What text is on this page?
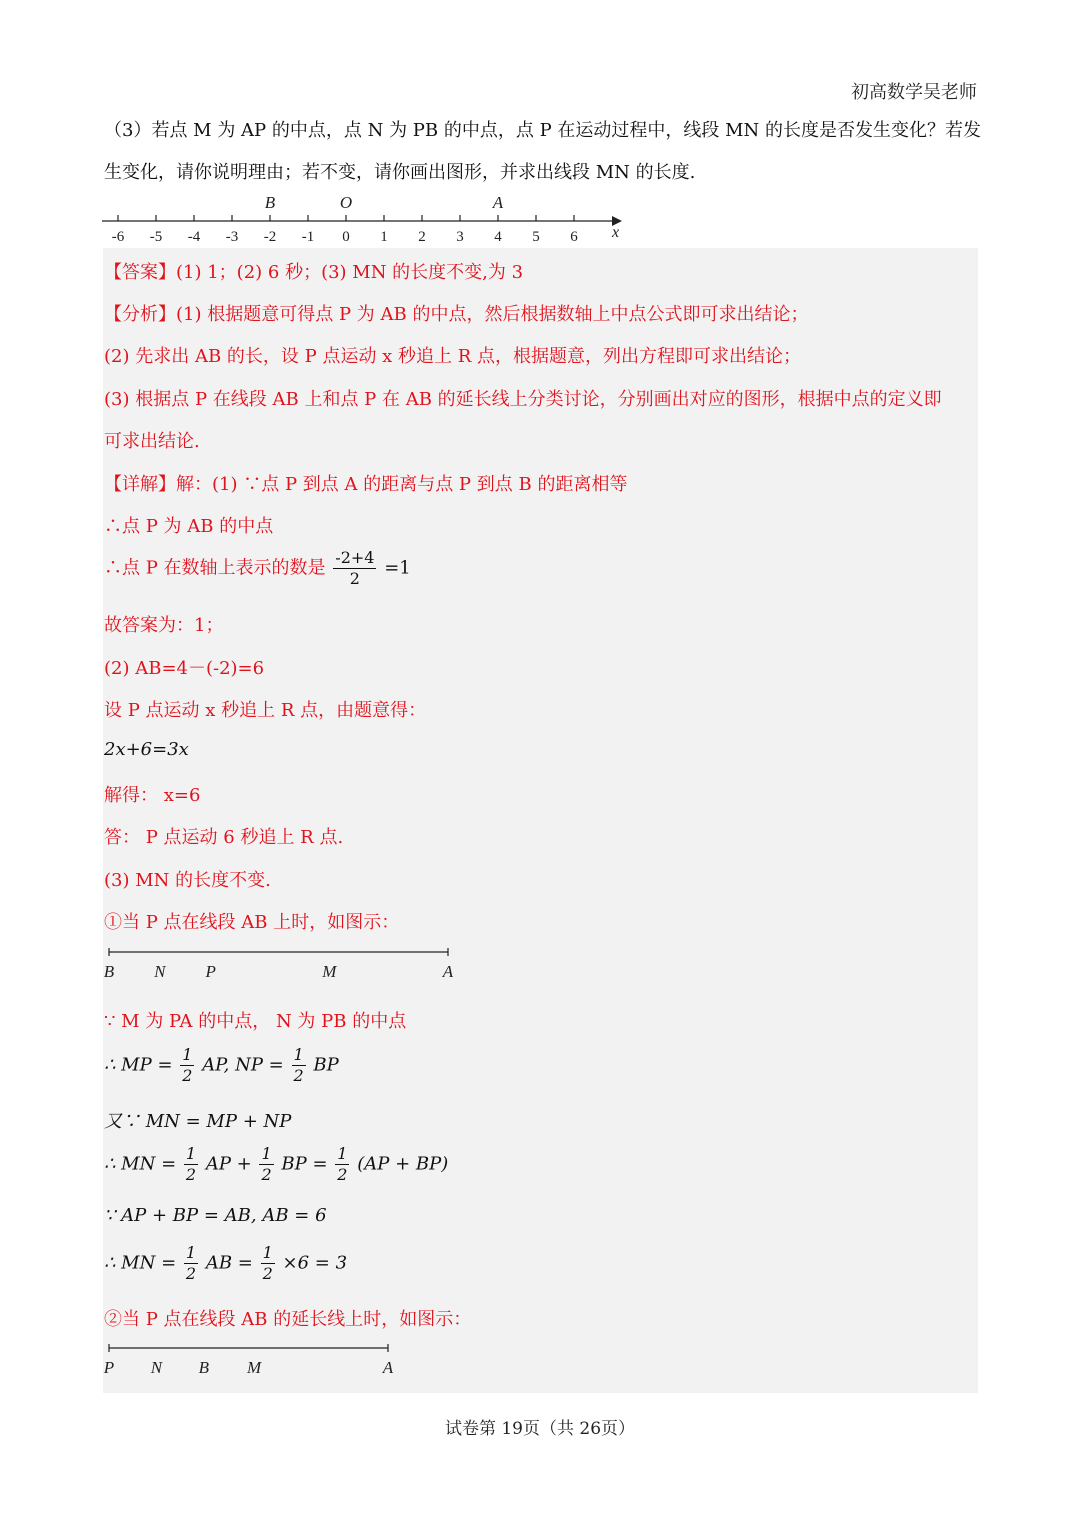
初高数学吴老师
（3）若点 M 为 AP 的中点，点 N 为 PB 的中点，点 P 在运动过程中，线段 MN 的长度是否发生变化？若发
生变化，请你说明理由；若不变，请你画出图形，并求出线段 MN 的长度.
-6 -5 -4 -3 -2 -1 0 1 2 3 4 5 6 x
B	O	A
【答案】(1) 1；(2) 6 秒；(3) MN 的长度不变,为 3
【分析】(1) 根据题意可得点 P 为 AB 的中点，然后根据数轴上中点公式即可求出结论；
(2) 先求出 AB 的长，设 P 点运动 x 秒追上 R 点，根据题意，列出方程即可求出结论；
(3) 根据点 P 在线段 AB 上和点 P 在 AB 的延长线上分类讨论，分别画出对应的图形，根据中点的定义即
可求出结论.
【详解】解：(1) ∵点 P 到点 A 的距离与点 P 到点 B 的距离相等
∴点 P 为 AB 的中点
∴点 P 在数轴上表示的数是 $\frac{-2+4}{2} =1$
故答案为：1；
(2) AB=4－(-2)=6
设 P 点运动 x 秒追上 R 点，由题意得：
2x+6=3x
解得： x=6
答： P 点运动 6 秒追上 R 点.
(3) MN 的长度不变.
①当 P 点在线段 AB 上时，如图示：
B N P	M	A
∵ M 为 PA 的中点， N 为 PB 的中点
∴ MP = $\frac{1}{2}$ AP, NP = $\frac{1}{2}$ BP
又∵ MN = MP + NP
∴ MN = $\frac{1}{2}$ AP + $\frac{1}{2}$ BP = $\frac{1}{2} (AP + BP)$
∵ AP + BP = AB, AB = 6
∴ MN = $\frac{1}{2}$ AB = $\frac{1}{2} \times 6 = 3$
②当 P 点在线段 AB 的延长线上时，如图示：
P N B M	A
试卷第 19页（共 26页）
